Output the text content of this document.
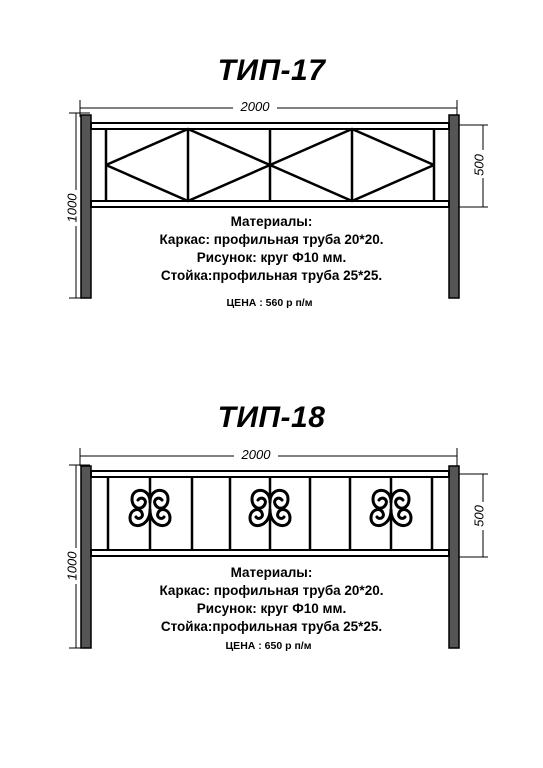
ТИП-17
2000
1000
500
Материалы:
Каркас: профильная труба 20*20.
Рисунок: круг Ф10 мм.
Стойка:профильная труба 25*25.
ЦЕНА : 560 р п/м
ТИП-18
2000
1000
500
Материалы:
Каркас: профильная труба 20*20.
Рисунок: круг Ф10 мм.
Стойка:профильная труба 25*25.
ЦЕНА : 650 р п/м
